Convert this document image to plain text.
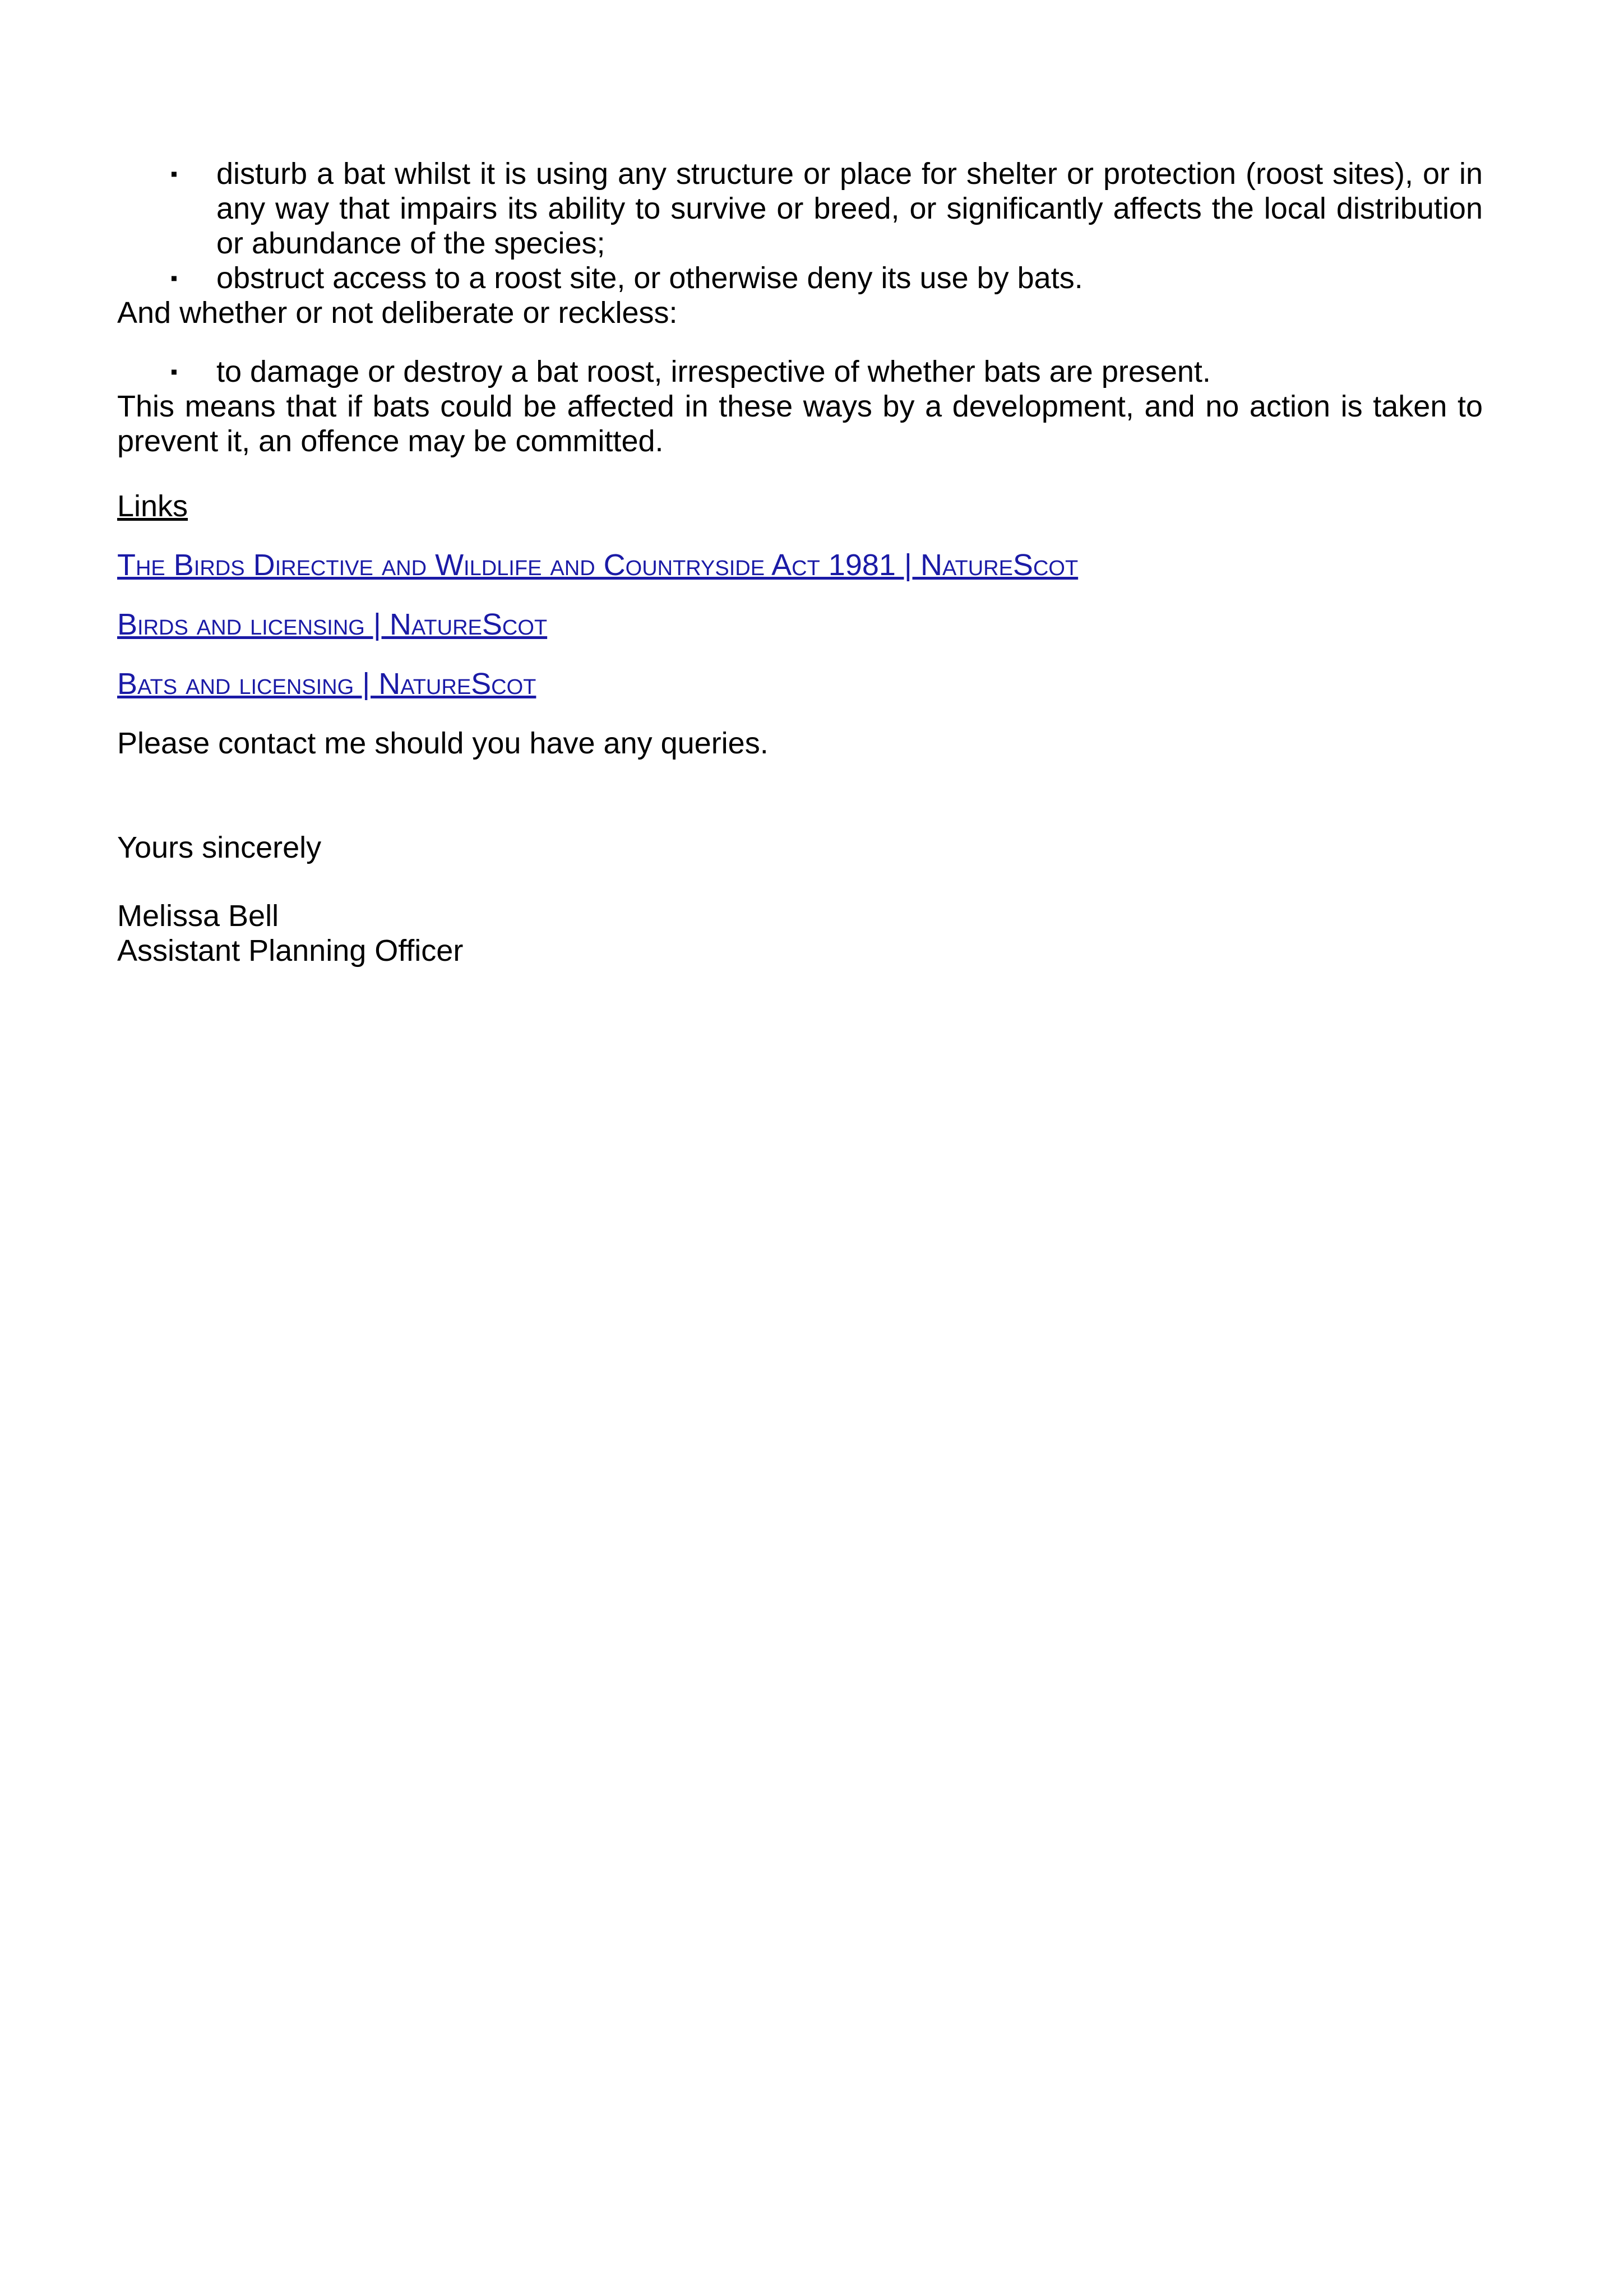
▪ disturb a bat whilst it is using any structure or place for shelter or protection (roost sites), or in any way that impairs its ability to survive or breed, or significantly affects the local distribution or abundance of the species;
▪ obstruct access to a roost site, or otherwise deny its use by bats.

And whether or not deliberate or reckless:

▪ to damage or destroy a bat roost, irrespective of whether bats are present.

This means that if bats could be affected in these ways by a development, and no action is taken to prevent it, an offence may be committed.

Links

The Birds Directive and Wildlife and Countryside Act 1981 | NatureScot

Birds and licensing | NatureScot

Bats and licensing | NatureScot

Please contact me should you have any queries.

Yours sincerely

Melissa Bell

Assistant Planning Officer
